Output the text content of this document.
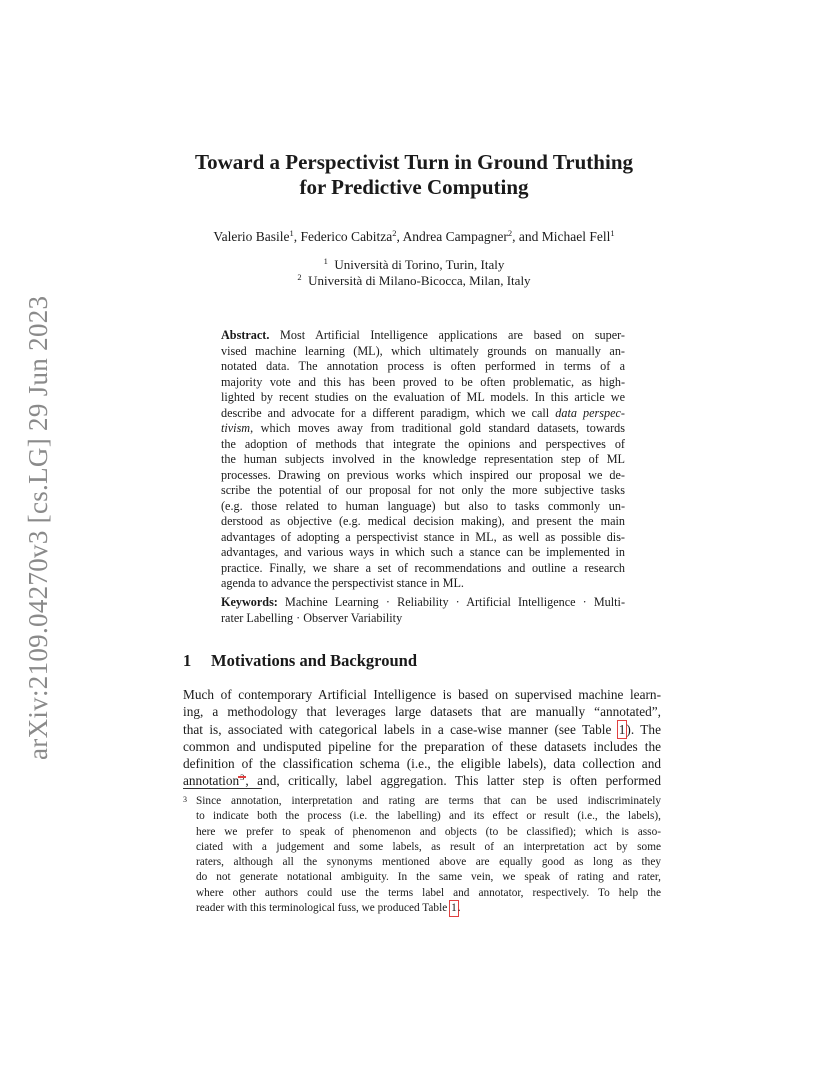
arXiv:2109.04270v3 [cs.LG] 29 Jun 2023
Toward a Perspectivist Turn in Ground Truthing
for Predictive Computing
Valerio Basile$^1$, Federico Cabitza$^2$, Andrea Campagner$^2$, and Michael Fell$^1$
$^1$ Università di Torino, Turin, Italy
$^2$ Università di Milano-Bicocca, Milan, Italy
Abstract. Most Artificial Intelligence applications are based on super-
vised machine learning (ML), which ultimately grounds on manually an-
notated data. The annotation process is often performed in terms of a
majority vote and this has been proved to be often problematic, as high-
lighted by recent studies on the evaluation of ML models. In this article we
describe and advocate for a different paradigm, which we call data perspec-
tivism, which moves away from traditional gold standard datasets, towards
the adoption of methods that integrate the opinions and perspectives of
the human subjects involved in the knowledge representation step of ML
processes. Drawing on previous works which inspired our proposal we de-
scribe the potential of our proposal for not only the more subjective tasks
(e.g. those related to human language) but also to tasks commonly un-
derstood as objective (e.g. medical decision making), and present the main
advantages of adopting a perspectivist stance in ML, as well as possible dis-
advantages, and various ways in which such a stance can be implemented in
practice. Finally, we share a set of recommendations and outline a research
agenda to advance the perspectivist stance in ML.
Keywords: Machine Learning · Reliability · Artificial Intelligence · Multi-
rater Labelling · Observer Variability
1 Motivations and Background
Much of contemporary Artificial Intelligence is based on supervised machine learn-
ing, a methodology that leverages large datasets that are manually “annotated”,
that is, associated with categorical labels in a case-wise manner (see Table 1). The
common and undisputed pipeline for the preparation of these datasets includes the
definition of the classification schema (i.e., the eligible labels), data collection and
annotation$^3$, and, critically, label aggregation. This latter step is often performed
3 Since annotation, interpretation and rating are terms that can be used indiscriminately
to indicate both the process (i.e. the labelling) and its effect or result (i.e., the labels),
here we prefer to speak of phenomenon and objects (to be classified); which is asso-
ciated with a judgement and some labels, as result of an interpretation act by some
raters, although all the synonyms mentioned above are equally good as long as they
do not generate notational ambiguity. In the same vein, we speak of rating and rater,
where other authors could use the terms label and annotator, respectively. To help the
reader with this terminological fuss, we produced Table 1.
